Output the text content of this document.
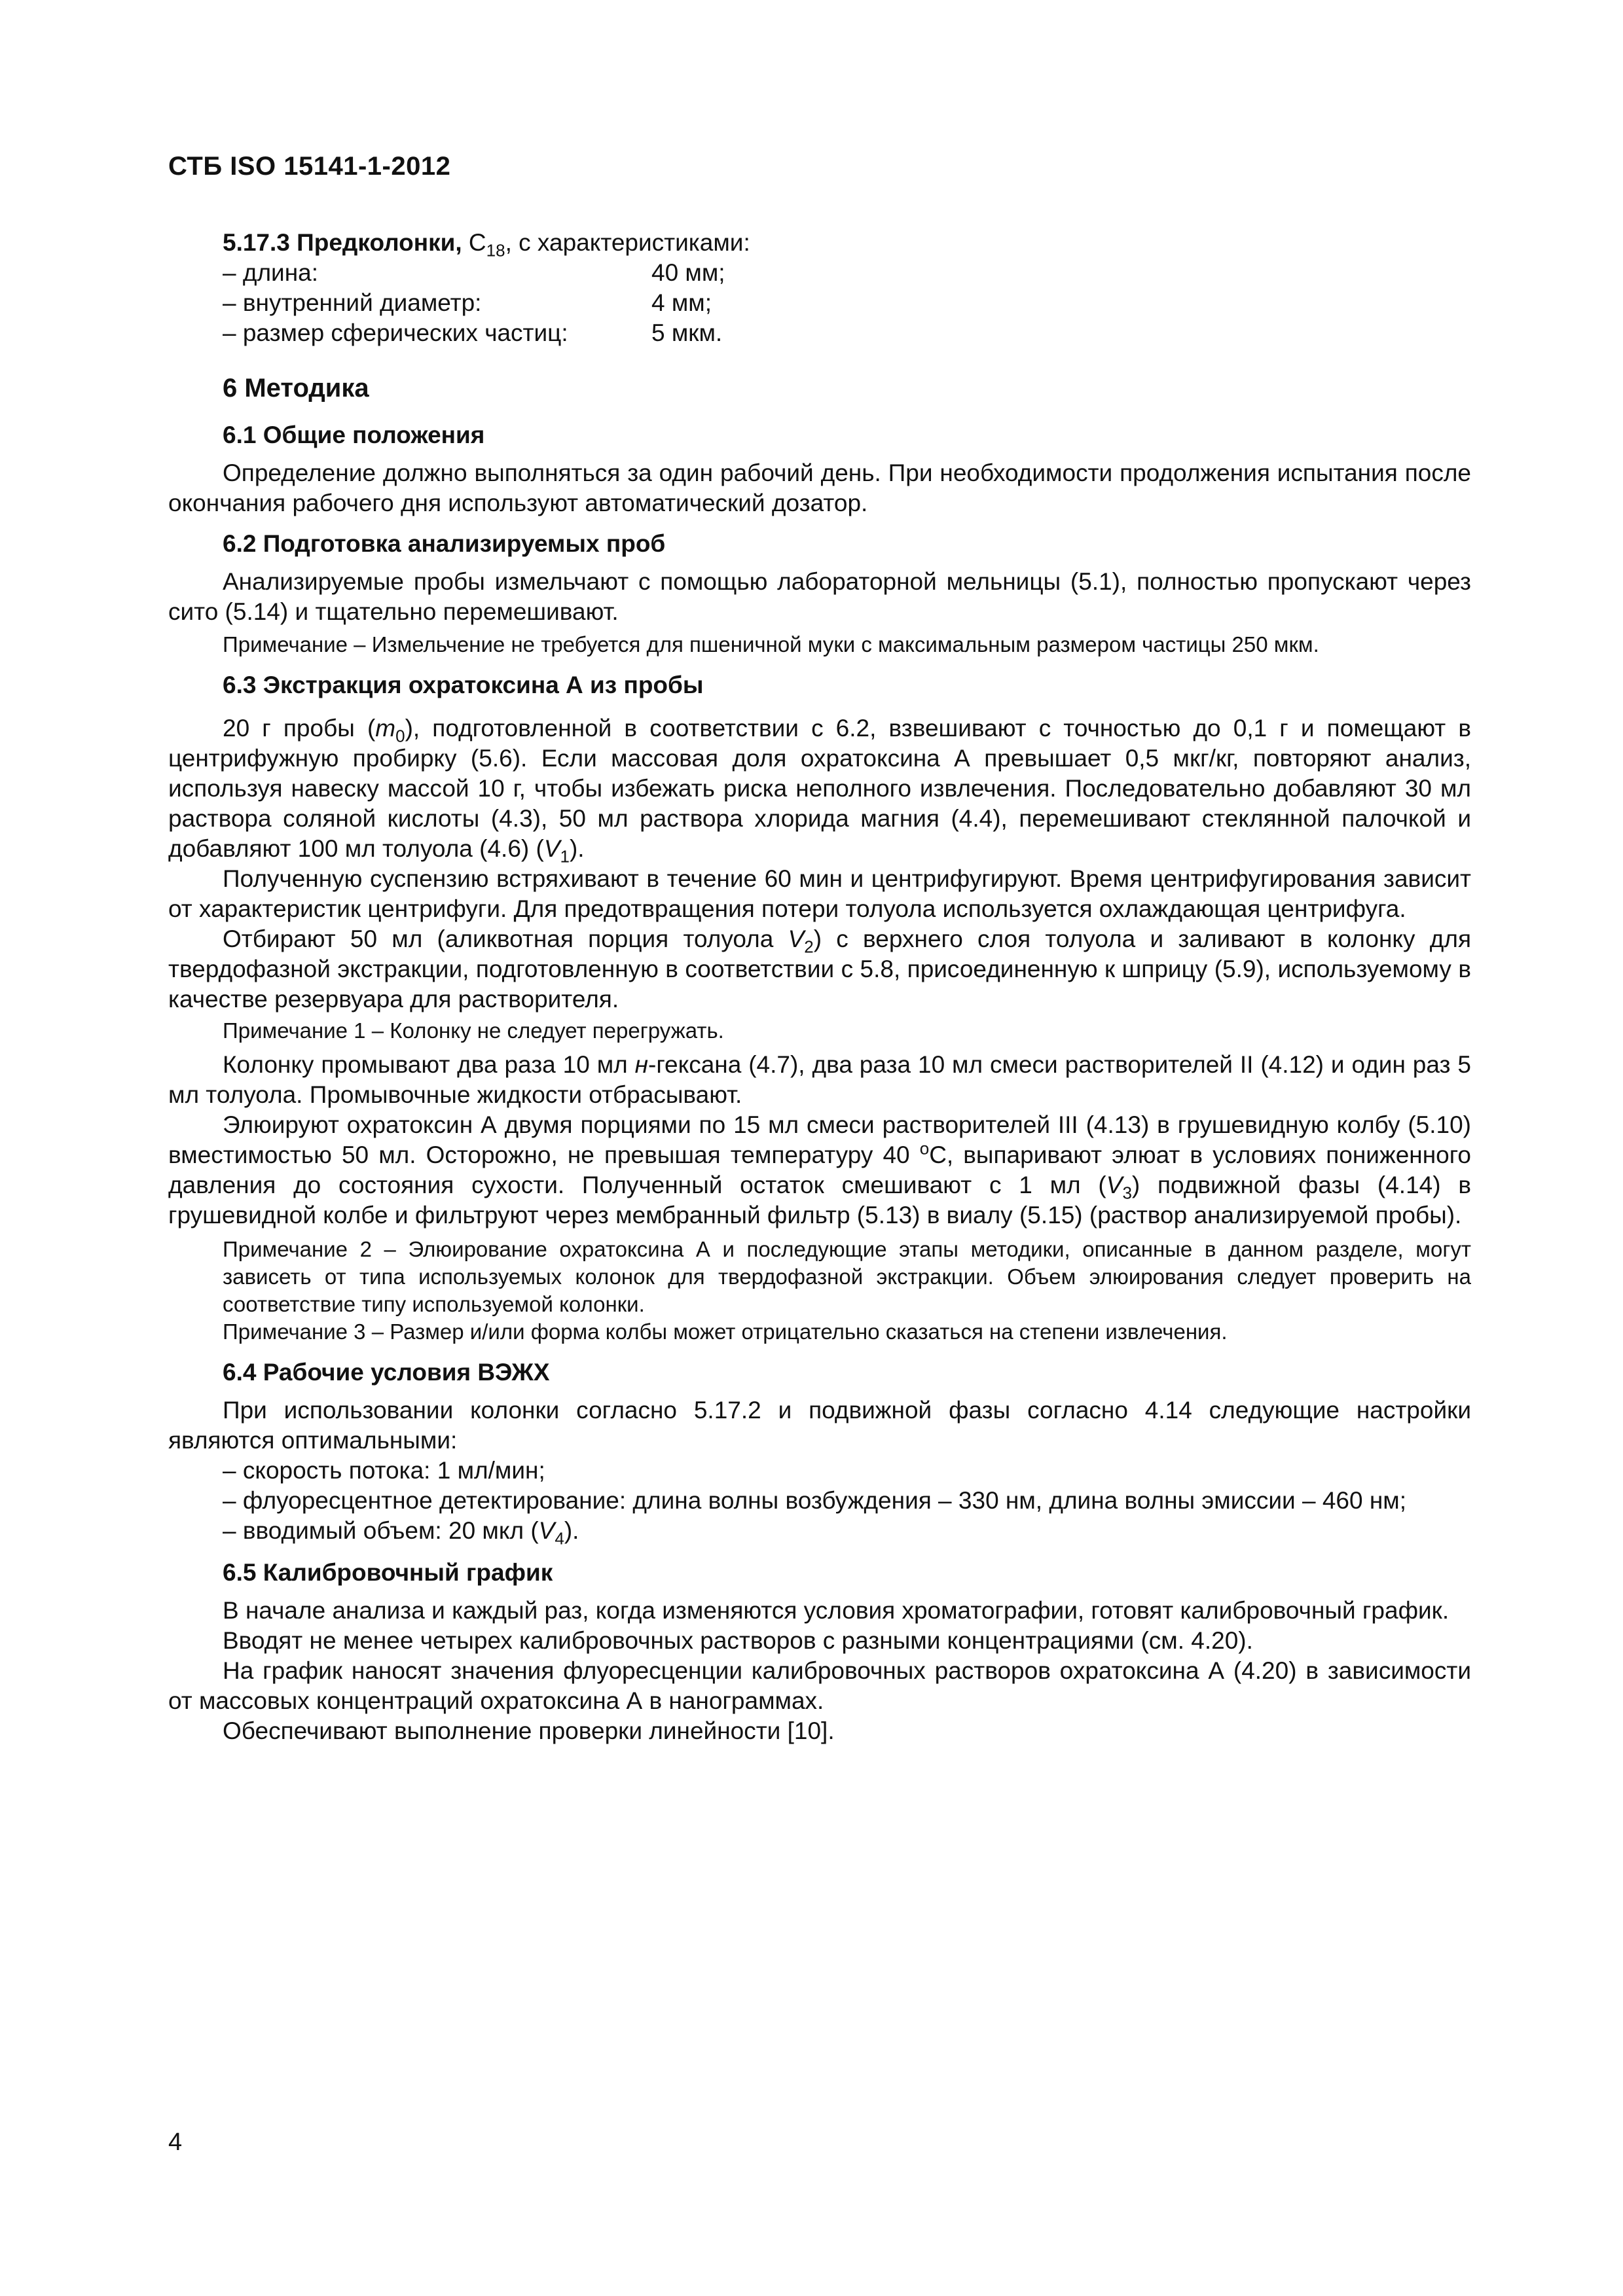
СТБ ISO 15141-1-2012

5.17.3 Предколонки, $С_{18}$, с характеристиками:

– длина:	40 мм;
– внутренний диаметр:	4 мм;
– размер сферических частиц:	5 мкм.

6 Методика

6.1 Общие положения

Определение должно выполняться за один рабочий день. При необходимости продолжения испытания после окончания рабочего дня используют автоматический дозатор.

6.2 Подготовка анализируемых проб

Анализируемые пробы измельчают с помощью лабораторной мельницы (5.1), полностью пропускают через сито (5.14) и тщательно перемешивают.

Примечание – Измельчение не требуется для пшеничной муки с максимальным размером частицы 250 мкм.

6.3 Экстракция охратоксина А из пробы

20 г пробы $(m_0)$, подготовленной в соответствии с 6.2, взвешивают с точностью до 0,1 г и помещают в центрифужную пробирку (5.6). Если массовая доля охратоксина А превышает 0,5 мкг/кг, повторяют анализ, используя навеску массой 10 г, чтобы избежать риска неполного извлечения. Последовательно добавляют 30 мл раствора соляной кислоты (4.3), 50 мл раствора хлорида магния (4.4), перемешивают стеклянной палочкой и добавляют 100 мл толуола (4.6) $(V_1)$.

Полученную суспензию встряхивают в течение 60 мин и центрифугируют. Время центрифугирования зависит от характеристик центрифуги. Для предотвращения потери толуола используется охлаждающая центрифуга.

Отбирают 50 мл (аликвотная порция толуола $V_2$) с верхнего слоя толуола и заливают в колонку для твердофазной экстракции, подготовленную в соответствии с 5.8, присоединенную к шприцу (5.9), используемому в качестве резервуара для растворителя.

Примечание 1 – Колонку не следует перегружать.

Колонку промывают два раза 10 мл н-гексана (4.7), два раза 10 мл смеси растворителей II (4.12) и один раз 5 мл толуола. Промывочные жидкости отбрасывают.

Элюируют охратоксин А двумя порциями по 15 мл смеси растворителей III (4.13) в грушевидную колбу (5.10) вместимостью 50 мл. Осторожно, не превышая температуру 40 $^o$С, выпаривают элюат в условиях пониженного давления до состояния сухости. Полученный остаток смешивают с 1 мл $(V_3)$ подвижной фазы (4.14) в грушевидной колбе и фильтруют через мембранный фильтр (5.13) в виалу (5.15) (раствор анализируемой пробы).

Примечание 2 – Элюирование охратоксина А и последующие этапы методики, описанные в данном разделе, могут зависеть от типа используемых колонок для твердофазной экстракции. Объем элюирования следует проверить на соответствие типу используемой колонки.

Примечание 3 – Размер и/или форма колбы может отрицательно сказаться на степени извлечения.

6.4 Рабочие условия ВЭЖХ

При использовании колонки согласно 5.17.2 и подвижной фазы согласно 4.14 следующие настройки являются оптимальными:

– скорость потока: 1 мл/мин;

– флуоресцентное детектирование: длина волны возбуждения – 330 нм, длина волны эмиссии – 460 нм;

– вводимый объем: 20 мкл $(V_4)$.

6.5 Калибровочный график

В начале анализа и каждый раз, когда изменяются условия хроматографии, готовят калибровочный график.

Вводят не менее четырех калибровочных растворов с разными концентрациями (см. 4.20).

На график наносят значения флуоресценции калибровочных растворов охратоксина А (4.20) в зависимости от массовых концентраций охратоксина А в нанограммах.

Обеспечивают выполнение проверки линейности [10].

4
